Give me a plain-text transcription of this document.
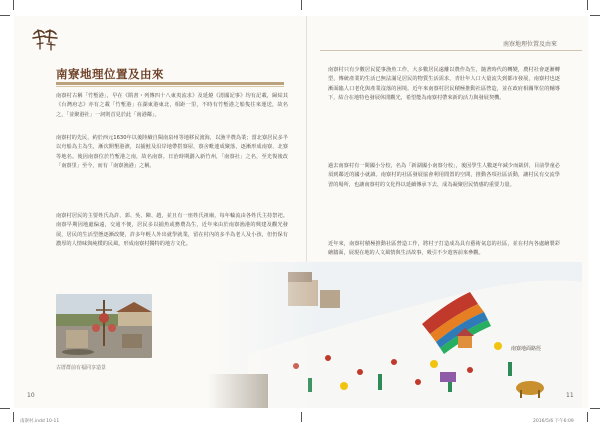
南寮地理位置及由來

南寮村古稱「竹塹港」，早在《隋書・列傳四十八東夷流求》及延燒《清國記事》均有記載，歸結其《台灣府志》亦有之載「竹塹港」在湖東港東北，相距一里，不時有竹塹港之船隻往來運送，故名之，「並聚港社」一詞則首見於此「南港鄰」。

南寮村的先民，約於西元1630年以後陸續自閩南泉州等地移民渡海，以漁半農為業；當北寮居民多半以舟船為主為生，漸次開墾港濱，以捕鮭及沿岸地帶搭寮屋，寮舍毗連成聚落，逐漸形成南寮、北寮等地名。後因南寮位於竹塹港之南，故名南寮。日治時期劃入新竹州，「南寮社」之名，至光復後改「南寮里」至今，而有「南寮漁港」之稱。

南寮村居民的主要姓氏為許、郭、吳、陳、趙，並且有一座姓氏祖廟，每年輪流由各姓氏主持祭祀。南寮早期因地處偏遠，交通不便，居民多以捕魚或務農為生，近年來由於南寮漁港的興建及觀光發展，居民的生活型態逐漸改變，許多年輕人外出就學就業，留在村內的多半為老人及小孩，但仍保有濃厚的人情味與純樸的民風，形成南寮村獨特的地方文化。

古厝群前有福同享造景
10
南寮地理位置及由來

南寮村只有少數居民從事漁魚工作，大多數居民遠離以農作為生，隨著時代的轉變，農村社會逐漸轉型，傳統產業的生活已無法滿足居民的物質生活需求，青壯年人口大量流失到都市發展，南寮村也逐漸面臨人口老化與產業沒落的困境。近年來南寮村居民積極推動社區營造，並在政府相關單位的輔導下，結合在地特色發展休閒觀光，希望能為南寮村帶來新的活力與發展契機。

過去南寮村有一間國小分校，名為「新湖國小南寮分校」，後因學生人數逐年減少而裁併，目前學童必須到鄰近的國小就讀。南寮村的社區發展協會利用閒置的空間，推動各項社區活動，讓村民有交流學習的場所，也讓南寮村的文化得以延續傳承下去，成為凝聚居民情感的重要力量。

近年來，南寮村積極推動社區營造工作，將村子打造成為具有藝術氣息的社區，並在村內各處繪製彩繪牆面，展現在地的人文風情與生活故事，吸引不少遊客前來參觀。

南寮地面路徑
11
南寮村.indd 10-11	2016/5/6 下午6:09
